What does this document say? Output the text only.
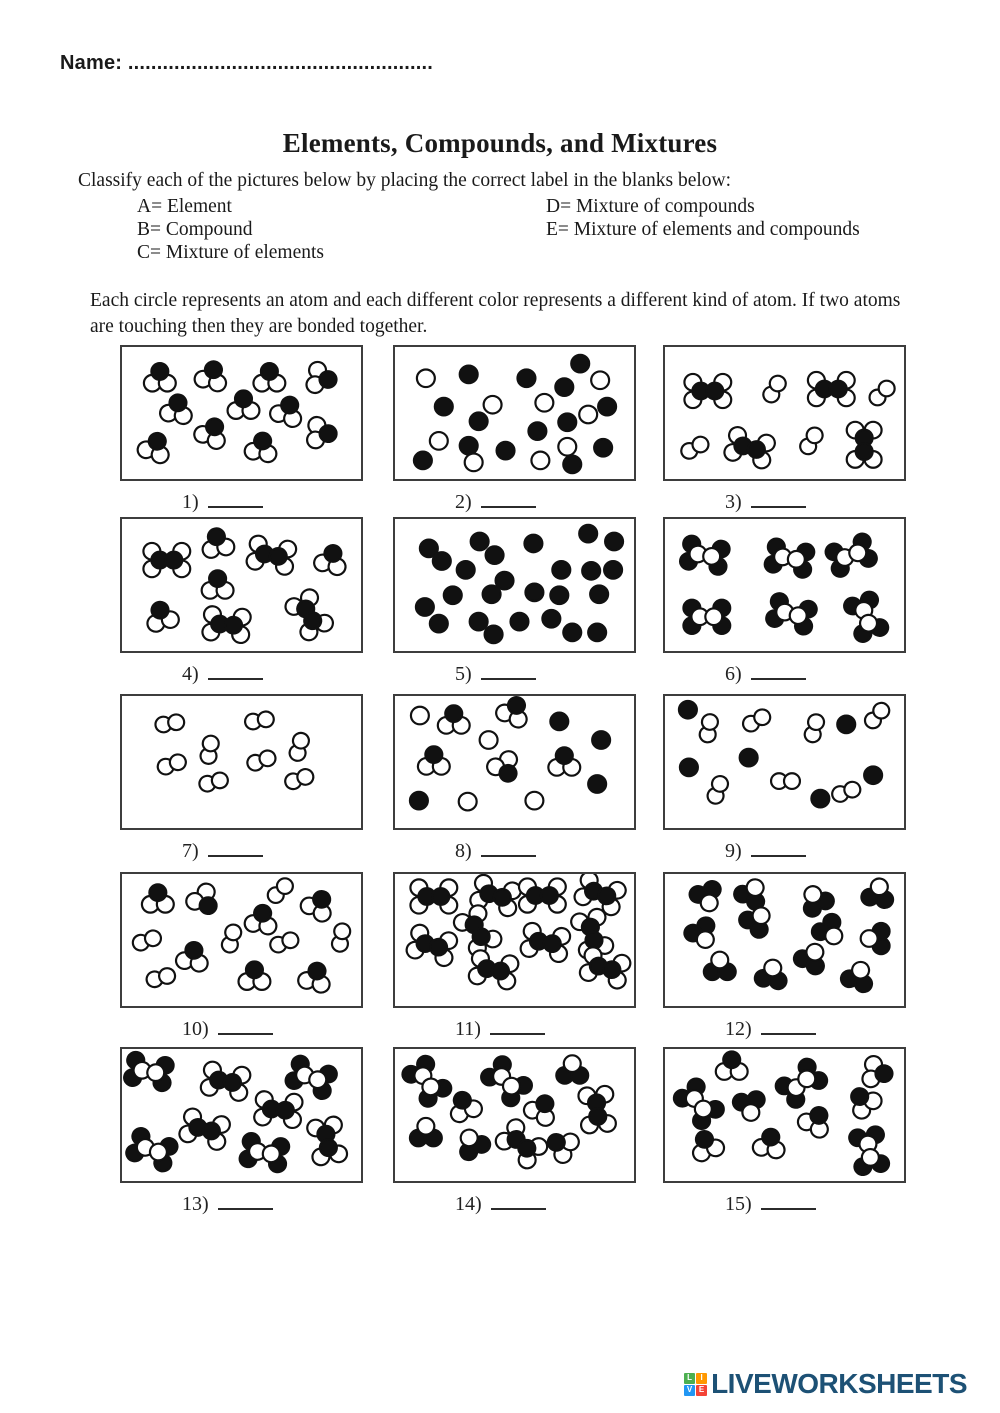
Name: .....................................................
Elements, Compounds, and Mixtures
Classify each of the pictures below by placing the correct label in the blanks below:
A= Element
B= Compound
C= Mixture of elements
D= Mixture of compounds
E= Mixture of elements and compounds
Each circle represents an atom and each different color represents a different kind of atom. If two atoms are touching then they are bonded together.
1)	2)	3)
4)	5)	6)
7)	8)	9)
10)	11)	12)
13)	14)	15)
L	I
V E LIVEWORKSHEETS
